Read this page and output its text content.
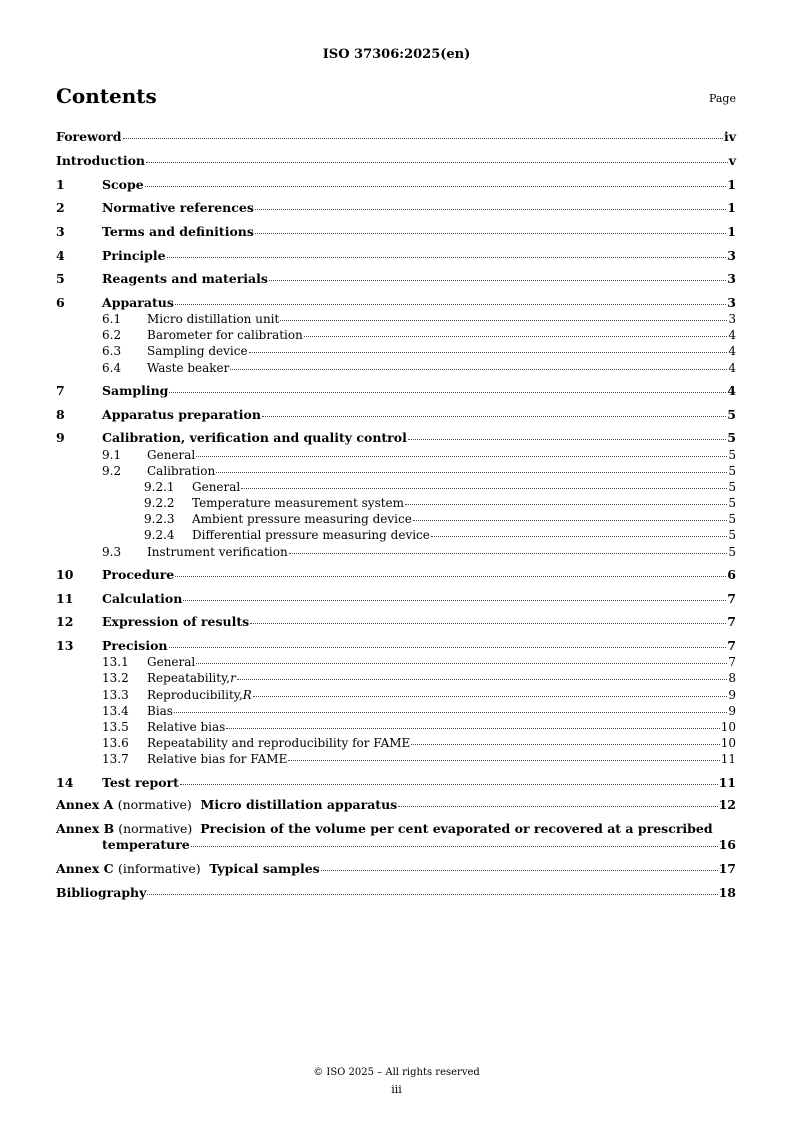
ISO 37306:2025(en)
Contents	Page
Foreword	iv
Introduction	v
1	Scope	1
2	Normative references	1
3	Terms and definitions	1
4	Principle	3
5	Reagents and materials	3
6	Apparatus	3
6.1	Micro distillation unit	3
6.2	Barometer for calibration	4
6.3	Sampling device	4
6.4	Waste beaker	4
7	Sampling	4
8	Apparatus preparation	5
9	Calibration, verification and quality control	5
9.1	General	5
9.2	Calibration	5
9.2.1	General	5
9.2.2	Temperature measurement system	5
9.2.3	Ambient pressure measuring device	5
9.2.4	Differential pressure measuring device	5
9.3	Instrument verification	5
10	Procedure	6
11	Calculation	7
12	Expression of results	7
13	Precision	7
13.1	General	7
13.2	Repeatability, r	8
13.3	Reproducibility, R	9
13.4	Bias	9
13.5	Relative bias	10
13.6	Repeatability and reproducibility for FAME	10
13.7	Relative bias for FAME	11
14	Test report	11
Annex A
(normative)
Micro distillation apparatus	12
Annex B (normative) Precision of the volume per cent evaporated or recovered at a prescribed
temperature	16
Annex C
(informative)
Typical samples	17
Bibliography	18
© ISO 2025 – All rights reserved
iii
